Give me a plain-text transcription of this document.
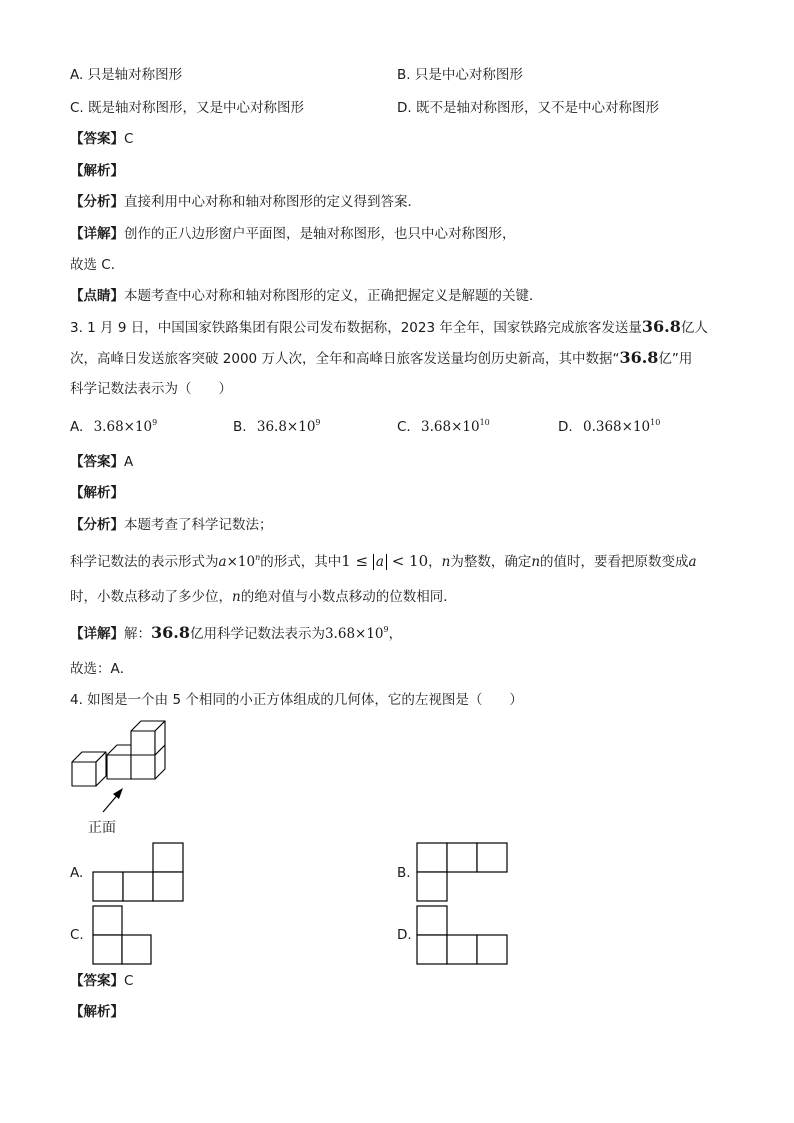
A. 只是轴对称图形	B. 只是中心对称图形
C. 既是轴对称图形，又是中心对称图形	D. 既不是轴对称图形，又不是中心对称图形
【答案】C
【解析】
【分析】直接利用中心对称和轴对称图形的定义得到答案．
【详解】创作的正八边形窗户平面图，是轴对称图形，也只中心对称图形，
故选 C．
【点睛】本题考查中心对称和轴对称图形的定义，正确把握定义是解题的关键．
3. 1 月 9 日，中国国家铁路集团有限公司发布数据称，2023 年全年，国家铁路完成旅客发送量36.8亿人
次，高峰日发送旅客突破 2000 万人次，全年和高峰日旅客发送量均创历史新高，其中数据“36.8亿”用
科学记数法表示为（　　）
A. $3.68\times 10^9$	B. $36.8\times 10^9$	C. $3.68\times 10^{10}$	D. $0.368\times 10^{10}$
【答案】A
【解析】
【分析】本题考查了科学记数法；
科学记数法的表示形式为$a\times 10^n$的形式，其中1 ≤ a < 10，n为整数，确定n的值时，要看把原数变成a
时，小数点移动了多少位，n的绝对值与小数点移动的位数相同．
【详解】解：36.8亿用科学记数法表示为$3.68\times 10^9$，
故选：A．
4. 如图是一个由 5 个相同的小正方体组成的几何体，它的左视图是（　　）
正面
A.	B.
C.	D.
【答案】C
【解析】
